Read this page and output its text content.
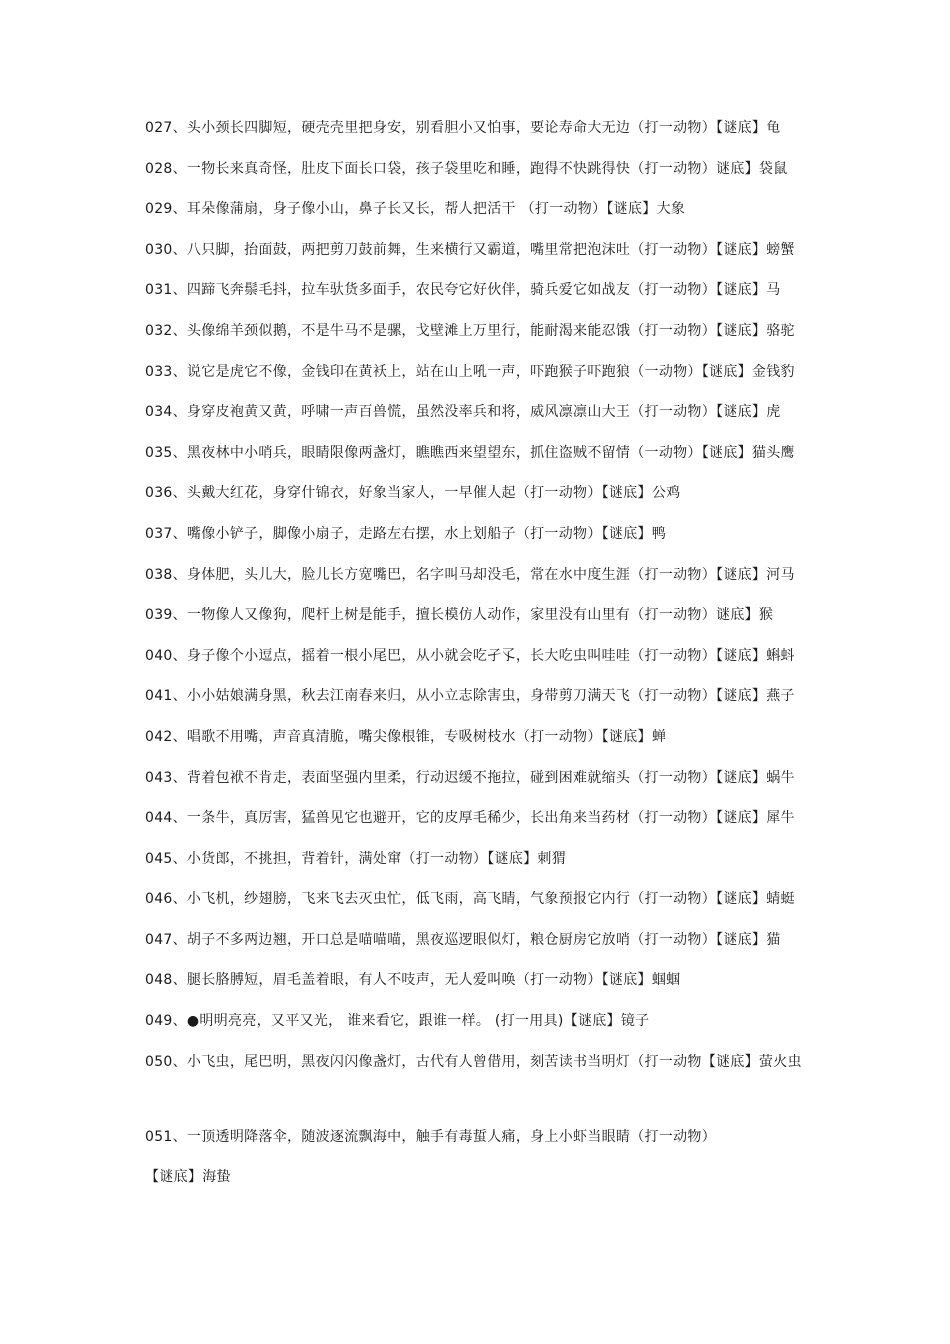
027、头小颈长四脚短，硬壳壳里把身安，别看胆小又怕事，要论寿命大无边（打一动物）【谜底】龟
028、一物长来真奇怪，肚皮下面长口袋，孩子袋里吃和睡，跑得不快跳得快（打一动物）谜底】袋鼠
029、耳朵像蒲扇，身子像小山，鼻子长又长，帮人把活干 （打一动物）【谜底】大象
030、八只脚，抬面鼓，两把剪刀鼓前舞，生来横行又霸道，嘴里常把泡沫吐（打一动物）【谜底】螃蟹
031、四蹄飞奔鬃毛抖，拉车驮货多面手，农民夸它好伙伴，骑兵爱它如战友（打一动物）【谜底】马
032、头像绵羊颈似鹅，不是牛马不是骡，戈壁滩上万里行，能耐渴来能忍饿（打一动物）【谜底】骆驼
033、说它是虎它不像，金钱印在黄袄上，站在山上吼一声，吓跑猴子吓跑狼（一动物）【谜底】金钱豹
034、身穿皮袍黄又黄，呼啸一声百兽慌，虽然没率兵和将，威风凛凛山大王（打一动物）【谜底】虎
035、黑夜林中小哨兵，眼睛限像两盏灯，瞧瞧西来望望东，抓住盗贼不留情（一动物）【谜底】猫头鹰
036、头戴大红花，身穿什锦衣，好象当家人，一早催人起（打一动物）【谜底】公鸡
037、嘴像小铲子，脚像小扇子，走路左右摆，水上划船子（打一动物）【谜底】鸭
038、身体肥，头儿大，脸儿长方宽嘴巴，名字叫马却没毛，常在水中度生涯（打一动物）【谜底】河马
039、一物像人又像狗，爬杆上树是能手，擅长模仿人动作，家里没有山里有（打一动物）谜底】猴
040、身子像个小逗点，摇着一根小尾巴，从小就会吃孑孓，长大吃虫叫哇哇（打一动物）【谜底】蝌蚪
041、小小姑娘满身黑，秋去江南春来归，从小立志除害虫，身带剪刀满天飞（打一动物）【谜底】燕子
042、唱歌不用嘴，声音真清脆，嘴尖像根锥，专吸树枝水（打一动物）【谜底】蝉
043、背着包袱不肯走，表面坚强内里柔，行动迟缓不拖拉，碰到困难就缩头（打一动物）【谜底】蜗牛
044、一条牛，真厉害，猛兽见它也避开，它的皮厚毛稀少，长出角来当药材（打一动物）【谜底】犀牛
045、小货郎，不挑担，背着针，满处窜（打一动物）【谜底】刺猬
046、小飞机，纱翅膀，飞来飞去灭虫忙，低飞雨，高飞睛，气象预报它内行（打一动物）【谜底】蜻蜓
047、胡子不多两边翘，开口总是喵喵喵，黑夜巡逻眼似灯，粮仓厨房它放哨（打一动物）【谜底】猫
048、腿长胳膊短，眉毛盖着眼，有人不吱声，无人爱叫唤（打一动物）【谜底】蝈蝈
049、●明明亮亮，又平又光， 谁来看它，跟谁一样。 (打一用具)【谜底】镜子
050、小飞虫，尾巴明，黑夜闪闪像盏灯，古代有人曾借用，刻苦读书当明灯（打一动物【谜底】萤火虫
051、一顶透明降落伞，随波逐流飘海中，触手有毒蜇人痛，身上小虾当眼睛（打一动物）
【谜底】海蛰
